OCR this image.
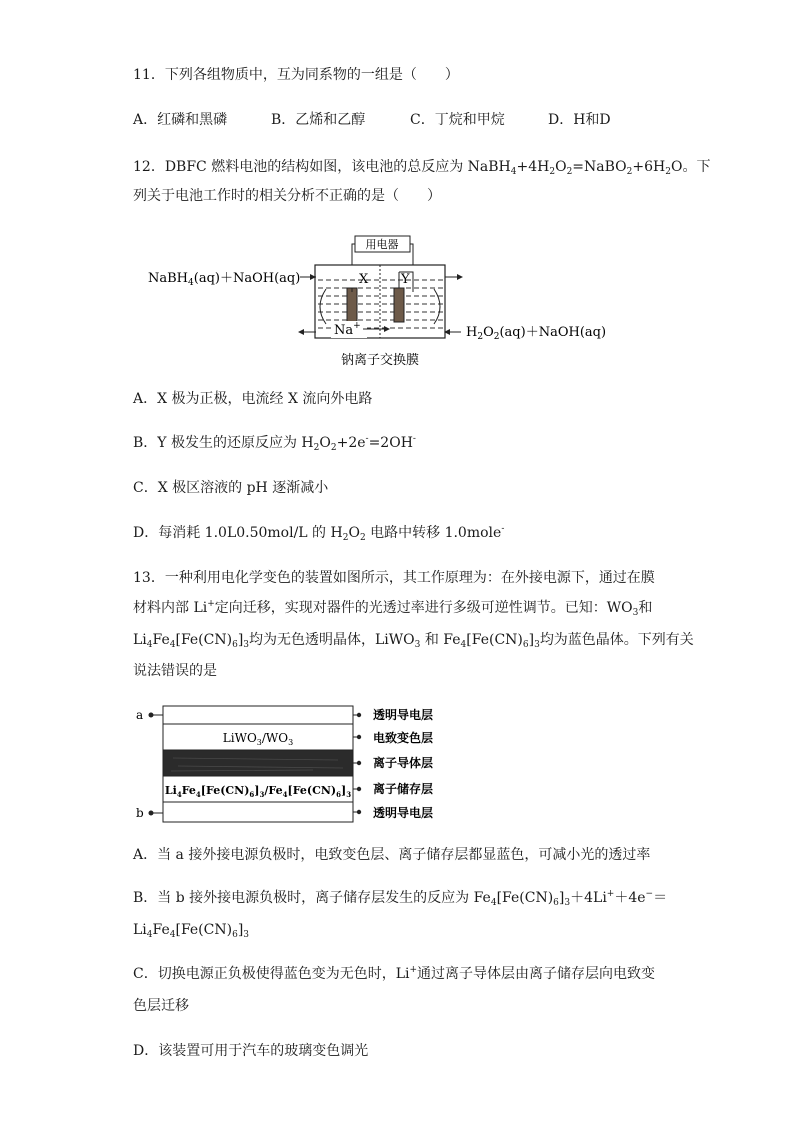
11．下列各组物质中，互为同系物的一组是（　　）
A．红磷和黑磷	B．乙烯和乙醇	C．丁烷和甲烷	D．H和D
12．DBFC 燃料电池的结构如图，该电池的总反应为 $NaBH_4+4H_2O_2=NaBO_2+6H_2O$。下
列关于电池工作时的相关分析不正确的是（　　）
用电器
X	Y
NaBH$_4$(aq)＋NaOH(aq)
$H_2O_2(aq)+NaOH(aq)$
Na+
钠离子交换膜
A．X 极为正极，电流经 X 流向外电路
B．Y 极发生的还原反应为 $H_2O_2+2e^-=2OH^-$
C．X 极区溶液的 pH 逐渐减小
D．每消耗 1.0L0.50mol/L 的 $H_2O_2$ 电路中转移 1.0mole-
13．一种利用电化学变色的装置如图所示，其工作原理为：在外接电源下，通过在膜
材料内部 Li+定向迁移，实现对器件的光透过率进行多级可逆性调节。已知：$WO_3$和
$Li_4Fe_4[Fe(CN)_6]_3$均为无色透明晶体，LiWO$_3$ 和 $Fe_4[Fe(CN)_6]_3$均为蓝色晶体。下列有关
说法错误的是
a
b
$LiWO_3/WO_3$
$Li_4Fe_4[Fe(CN)_6]_3/Fe_4[Fe(CN)_6]_3$
透明导电层
电致变色层
离子导体层
离子储存层
透明导电层
A．当 a 接外接电源负极时，电致变色层、离子储存层都显蓝色，可减小光的透过率
B．当 b 接外接电源负极时，离子储存层发生的反应为 $Fe_4[Fe(CN)_6]_3+4Li^++4e^-=$
$Li_4Fe_4[Fe(CN)_6]_3$
C．切换电源正负极使得蓝色变为无色时，Li+通过离子导体层由离子储存层向电致变
色层迁移
D．该装置可用于汽车的玻璃变色调光
